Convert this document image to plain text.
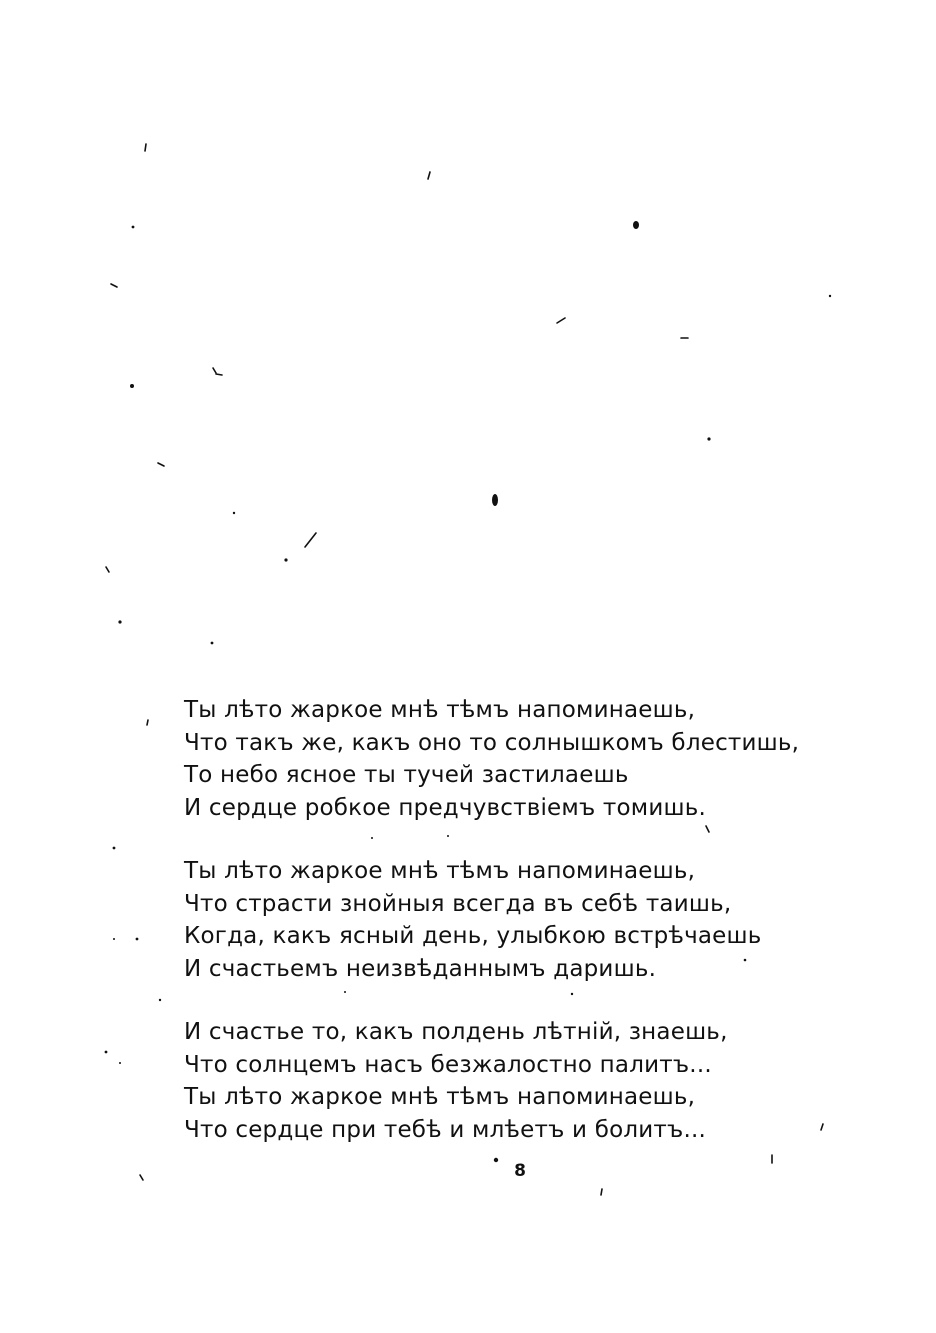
Ты лѣто жаркое мнѣ тѣмъ напоминаешь,
Что такъ же, какъ оно то солнышкомъ блестишь,
То небо ясное ты тучей застилаешь
И сердце робкое предчувствіемъ томишь.
Ты лѣто жаркое мнѣ тѣмъ напоминаешь,
Что страсти знойныя всегда въ себѣ таишь,
Когда, какъ ясный день, улыбкою встрѣчаешь
И счастьемъ неизвѣданнымъ даришь.
И счастье то, какъ полдень лѣтній, знаешь,
Что солнцемъ насъ безжалостно палитъ...
Ты лѣто жаркое мнѣ тѣмъ напоминаешь,
Что сердце при тебѣ и млѣетъ и болитъ...
8
